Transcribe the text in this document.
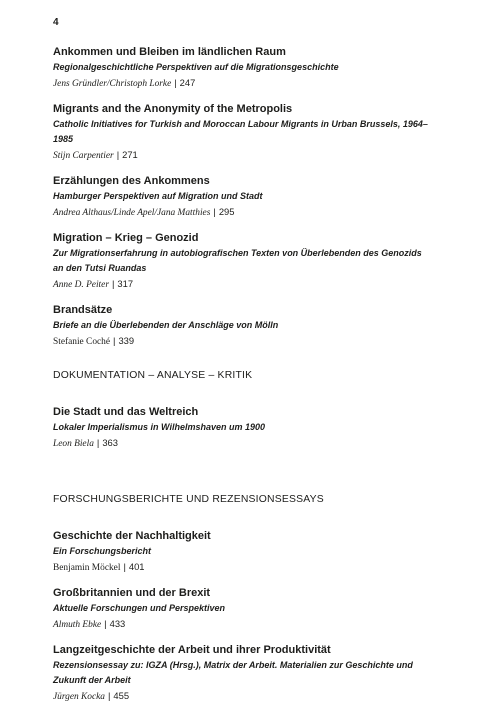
4
Ankommen und Bleiben im ländlichen Raum
Regionalgeschichtliche Perspektiven auf die Migrationsgeschichte
Jens Gründler/Christoph Lorke | 247
Migrants and the Anonymity of the Metropolis
Catholic Initiatives for Turkish and Moroccan Labour Migrants in Urban Brussels, 1964–1985
Stijn Carpentier | 271
Erzählungen des Ankommens
Hamburger Perspektiven auf Migration und Stadt
Andrea Althaus/Linde Apel/Jana Matthies | 295
Migration – Krieg – Genozid
Zur Migrationserfahrung in autobiografischen Texten von Überlebenden des Genozids an den Tutsi Ruandas
Anne D. Peiter | 317
Brandsätze
Briefe an die Überlebenden der Anschläge von Mölln
Stefanie Coché | 339
DOKUMENTATION – ANALYSE – KRITIK
Die Stadt und das Weltreich
Lokaler Imperialismus in Wilhelmshaven um 1900
Leon Biela | 363
FORSCHUNGSBERICHTE UND REZENSIONSESSAYS
Geschichte der Nachhaltigkeit
Ein Forschungsbericht
Benjamin Möckel | 401
Großbritannien und der Brexit
Aktuelle Forschungen und Perspektiven
Almuth Ebke | 433
Langzeitgeschichte der Arbeit und ihrer Produktivität
Rezensionsessay zu: IGZA (Hrsg.), Matrix der Arbeit. Materialien zur Geschichte und Zukunft der Arbeit
Jürgen Kocka | 455
